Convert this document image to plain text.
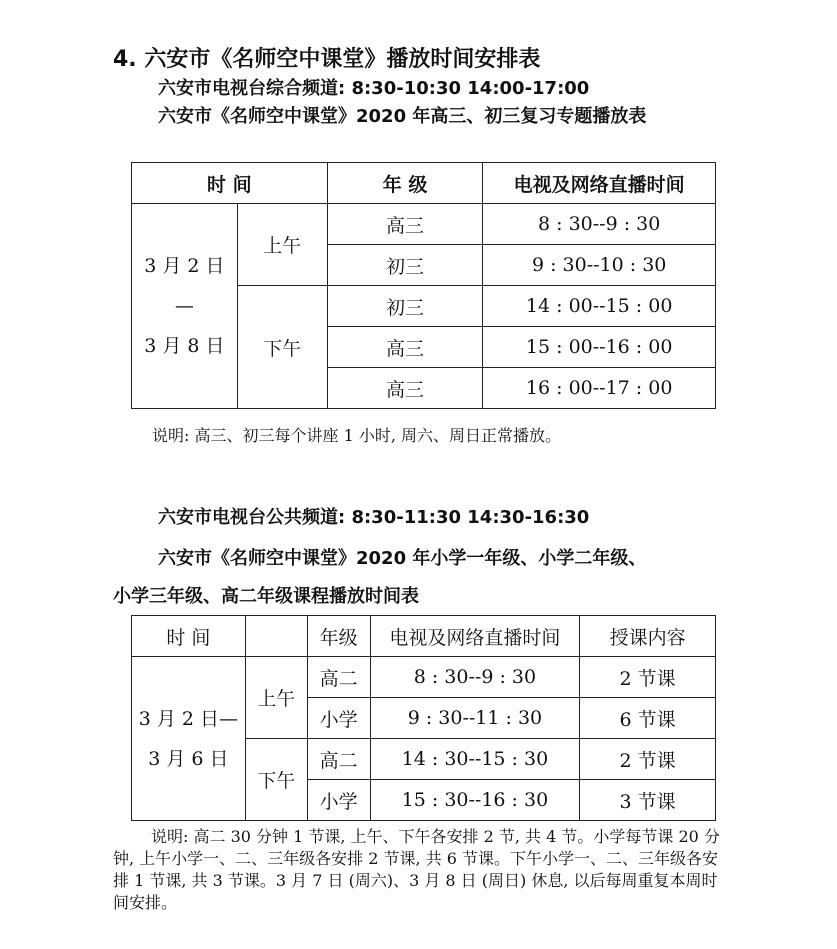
4. 六安市《名师空中课堂》播放时间安排表
六安市电视台综合频道: 8:30-10:30 14:00-17:00
六安市《名师空中课堂》2020 年高三、初三复习专题播放表
时 间		年 级	电视及网络直播时间

3 月 2 日
—
3 月 8 日	上午	高三	8 : 30--9 : 30
		初三	9 : 30--10 : 30
	下午	初三	14 : 00--15 : 00
		高三	15 : 00--16 : 00
		高三	16 : 00--17 : 00
说明: 高三、初三每个讲座 1 小时, 周六、周日正常播放。
六安市电视台公共频道: 8:30-11:30 14:30-16:30
六安市《名师空中课堂》2020 年小学一年级、小学二年级、
小学三年级、高二年级课程播放时间表
时 间		年级	电视及网络直播时间	授课内容

3 月 2 日—
3 月 6 日	上午	高二	8 : 30--9 : 30	2 节课
		小学	9 : 30--11 : 30	6 节课
	下午	高二	14 : 30--15 : 30	2 节课
		小学	15 : 30--16 : 30	3 节课
说明: 高二 30 分钟 1 节课, 上午、下午各安排 2 节, 共 4 节。小学每节课 20 分钟, 上午小学一、二、三年级各安排 2 节课, 共 6 节课。下午小学一、二、三年级各安排 1 节课, 共 3 节课。3 月 7 日 (周六)、3 月 8 日 (周日) 休息, 以后每周重复本周时间安排。
